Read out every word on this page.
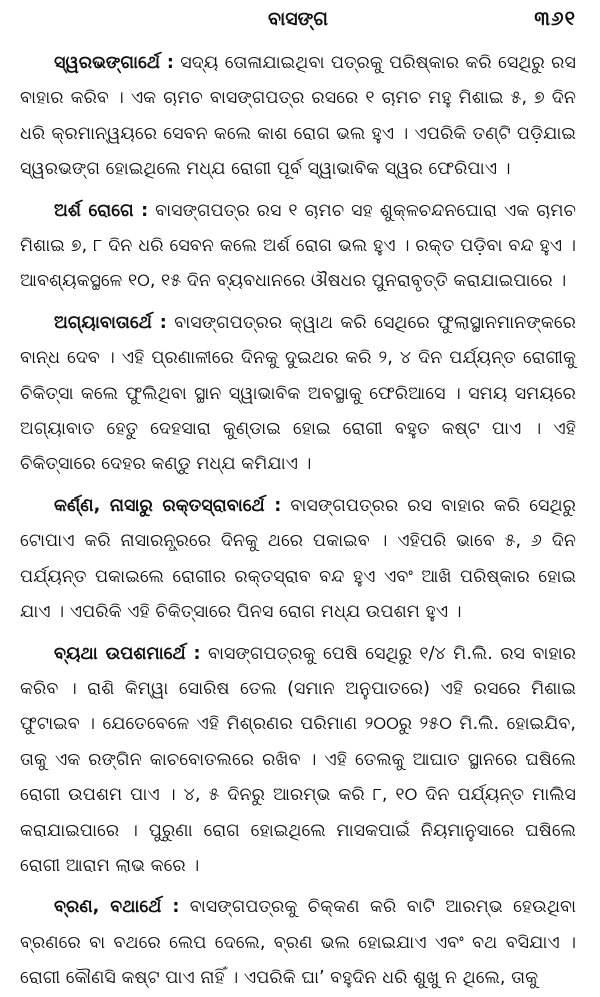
ବାସଙ୍ଗ	୩୬୧

ସ୍ୱରଭଙ୍ଗାର୍ଥେ : ସଦ୍ୟ ତୋଳାଯାଇଥିବା ପତ୍ରକୁ ପରିଷ୍କାର କରି ସେଥିରୁ ରସ ବାହାର କରିବ । ଏକ ଚାମଚ ବାସଙ୍ଗପତ୍ର ରସରେ ୧ ଚାମଚ ମହୁ ମିଶାଇ ୫, ୭ ଦିନ ଧରି କ୍ରମାନ୍ୱୟରେ ସେବନ କଲେ କାଶ ରୋଗ ଭଲ ହୁଏ । ଏପରିକି ତଣ୍ଟି ପଡ଼ିଯାଇ ସ୍ୱରଭଙ୍ଗ ହୋଇଥିଲେ ମଧ୍ଯ ରୋଗୀ ପୂର୍ବ ସ୍ୱାଭାବିକ ସ୍ୱର ଫେରିପାଏ ।

ଅର୍ଶ ରୋଗେ : ବାସଙ୍ଗପତ୍ର ରସ ୧ ଚାମଚ ସହ ଶୁକ୍ଳଚନ୍ଦନଘୋରା ଏକ ଚାମଚ ମିଶାଇ ୭, ୮ ଦିନ ଧରି ସେବନ କଲେ ଅର୍ଶ ରୋଗ ଭଲ ହୁଏ । ରକ୍ତ ପଡ଼ିବା ବନ୍ଦ ହୁଏ । ଆବଶ୍ୟକସ୍ଥଳେ ୧୦, ୧୫ ଦିନ ବ୍ୟବଧାନରେ ଔଷଧର ପୁନରାବୃତ୍ତି କରାଯାଇପାରେ ।

ଅଗ୍ୟାବାତାର୍ଥେ : ବାସଙ୍ଗପତ୍ରର କ୍ୱାଥ କରି ସେଥିରେ ଫୁଲାସ୍ଥାନମାନଙ୍କରେ ବାନ୍ଧ ଦେବ । ଏହି ପ୍ରଣାଳୀରେ ଦିନକୁ ଦୁଇଥର କରି ୨, ୪ ଦିନ ପର୍ଯ୍ୟନ୍ତ ରୋଗୀକୁ ଚିକିତ୍ସା କଲେ ଫୁଲିଥିବା ସ୍ଥାନ ସ୍ୱାଭାବିକ ଅବସ୍ଥାକୁ ଫେରିଆସେ । ସମୟ ସମୟରେ ଅଗ୍ୟାବାତ ହେତୁ ଦେହସାରା କୁଣ୍ଡାଇ ହୋଇ ରୋଗୀ ବହୁତ କଷ୍ଟ ପାଏ । ଏହି ଚିକିତ୍ସାରେ ଦେହର କଣ୍ଡୁ ମଧ୍ଯ କମିଯାଏ ।

କର୍ଣ୍ଣ, ନାସାରୁ ରକ୍ତସ୍ରାବାର୍ଥେ : ବାସଙ୍ଗପତ୍ରର ରସ ବାହାର କରି ସେଥିରୁ ଟୋପାଏ କରି ନାସାରନ୍ଧ୍ରରେ ଦିନକୁ ଥରେ ପକାଇବ । ଏହିପରି ଭାବେ ୫, ୬ ଦିନ ପର୍ଯ୍ୟନ୍ତ ପକାଇଲେ ରୋଗୀର ରକ୍ତସ୍ରାବ ବନ୍ଦ ହୁଏ ଏବଂ ଆଖି ପରିଷ୍କାର ହୋଇ ଯାଏ । ଏପରିକି ଏହି ଚିକିତ୍ସାରେ ପିନସ ରୋଗ ମଧ୍ଯ ଉପଶମ ହୁଏ ।

ବ୍ୟଥା ଉପଶମାର୍ଥେ : ବାସଙ୍ଗପତ୍ରକୁ ପେଷି ସେଥିରୁ ୧/୪ ମି.ଲି. ରସ ବାହାର କରିବ । ରାଶି କିମ୍ୱା ସୋରିଷ ତେଲ (ସମାନ ଅନୁପାତରେ) ଏହି ରସରେ ମିଶାଇ ଫୁଟାଇବ । ଯେତେବେଳେ ଏହି ମିଶ୍ରଣର ପରିମାଣ ୨୦୦ରୁ ୨୫୦ ମି.ଲି. ହୋଇଯିବ, ତାକୁ ଏକ ରଙ୍ଗିନ କାଚବୋତଲରେ ରଖିବ । ଏହି ତେଲକୁ ଆଘାତ ସ୍ଥାନରେ ଘଷିଲେ ରୋଗୀ ଉପଶମ ପାଏ । ୪, ୫ ଦିନରୁ ଆରମ୍ଭ କରି ୮, ୧୦ ଦିନ ପର୍ଯ୍ୟନ୍ତ ମାଲିସ କରାଯାଇପାରେ । ପୁରୁଣା ରୋଗ ହୋଇଥିଲେ ମାସକପାଇଁ ନିୟମାନୁସାରେ ଘଷିଲେ ରୋଗୀ ଆରାମ ଲାଭ କରେ ।

ବ୍ରଣ, ବଥାର୍ଥେ : ବାସଙ୍ଗପତ୍ରକୁ ଚିକ୍କଣ କରି ବାଟି ଆରମ୍ଭ ହେଉଥିବା ବ୍ରଣରେ ବା ବଥରେ ଲେପ ଦେଲେ, ବ୍ରଣ ଭଲ ହୋଇଯାଏ ଏବଂ ବଥ ବସିଯାଏ । ରୋଗୀ କୌଣସି କଷ୍ଟ ପାଏ ନାହିଁ । ଏପରିକି ଘା’ ବହୁଦିନ ଧରି ଶୁଖୁ ନ ଥିଲେ, ତାକୁ
